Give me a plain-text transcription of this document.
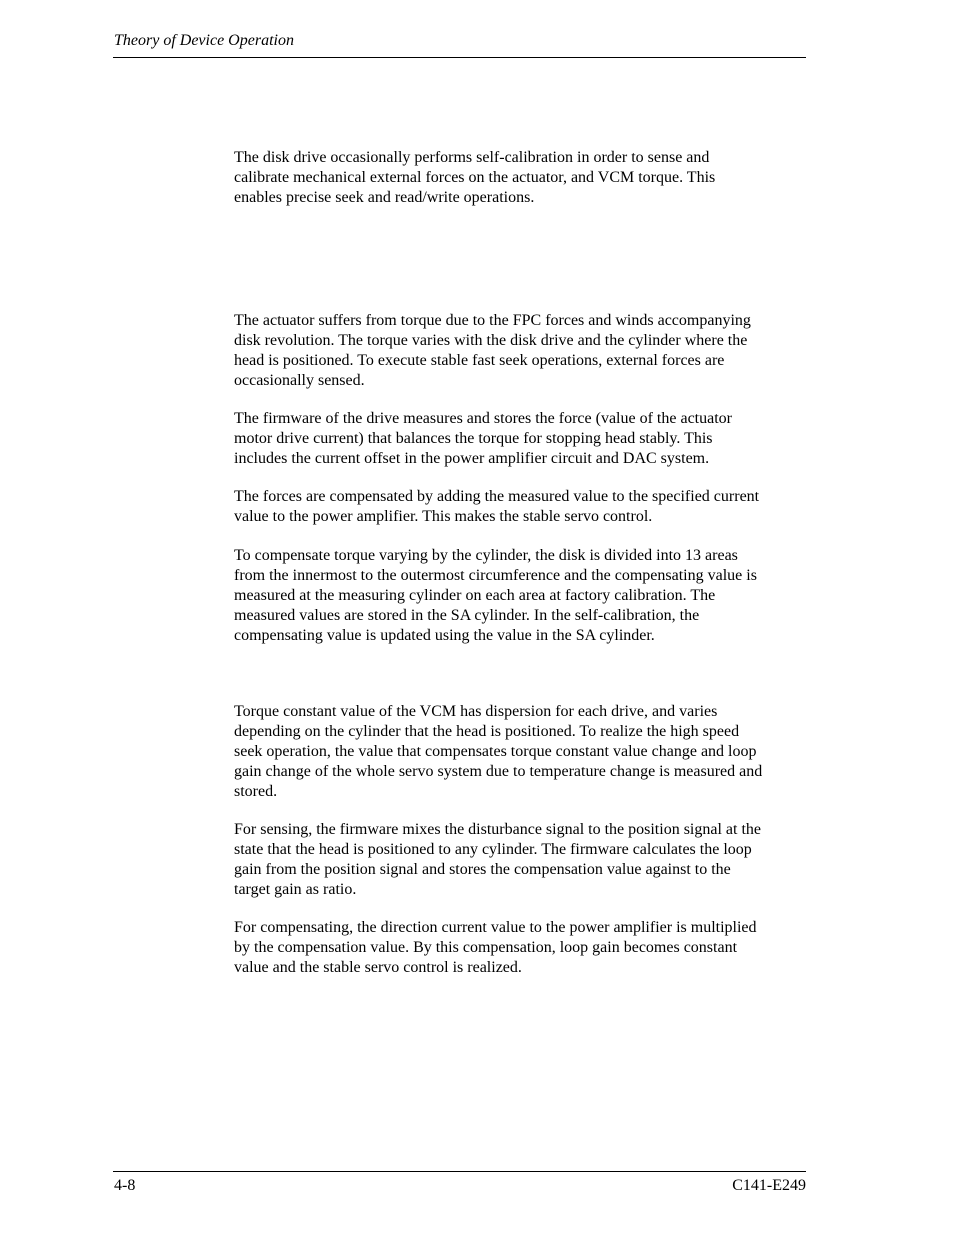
Theory of Device Operation

The disk drive occasionally performs self-calibration in order to sense and
calibrate mechanical external forces on the actuator, and VCM torque. This
enables precise seek and read/write operations.

The actuator suffers from torque due to the FPC forces and winds accompanying
disk revolution. The torque varies with the disk drive and the cylinder where the
head is positioned. To execute stable fast seek operations, external forces are
occasionally sensed.

The firmware of the drive measures and stores the force (value of the actuator
motor drive current) that balances the torque for stopping head stably. This
includes the current offset in the power amplifier circuit and DAC system.

The forces are compensated by adding the measured value to the specified current
value to the power amplifier. This makes the stable servo control.

To compensate torque varying by the cylinder, the disk is divided into 13 areas
from the innermost to the outermost circumference and the compensating value is
measured at the measuring cylinder on each area at factory calibration. The
measured values are stored in the SA cylinder. In the self-calibration, the
compensating value is updated using the value in the SA cylinder.

Torque constant value of the VCM has dispersion for each drive, and varies
depending on the cylinder that the head is positioned. To realize the high speed
seek operation, the value that compensates torque constant value change and loop
gain change of the whole servo system due to temperature change is measured and
stored.

For sensing, the firmware mixes the disturbance signal to the position signal at the
state that the head is positioned to any cylinder. The firmware calculates the loop
gain from the position signal and stores the compensation value against to the
target gain as ratio.

For compensating, the direction current value to the power amplifier is multiplied
by the compensation value. By this compensation, loop gain becomes constant
value and the stable servo control is realized.

4-8	C141-E249
